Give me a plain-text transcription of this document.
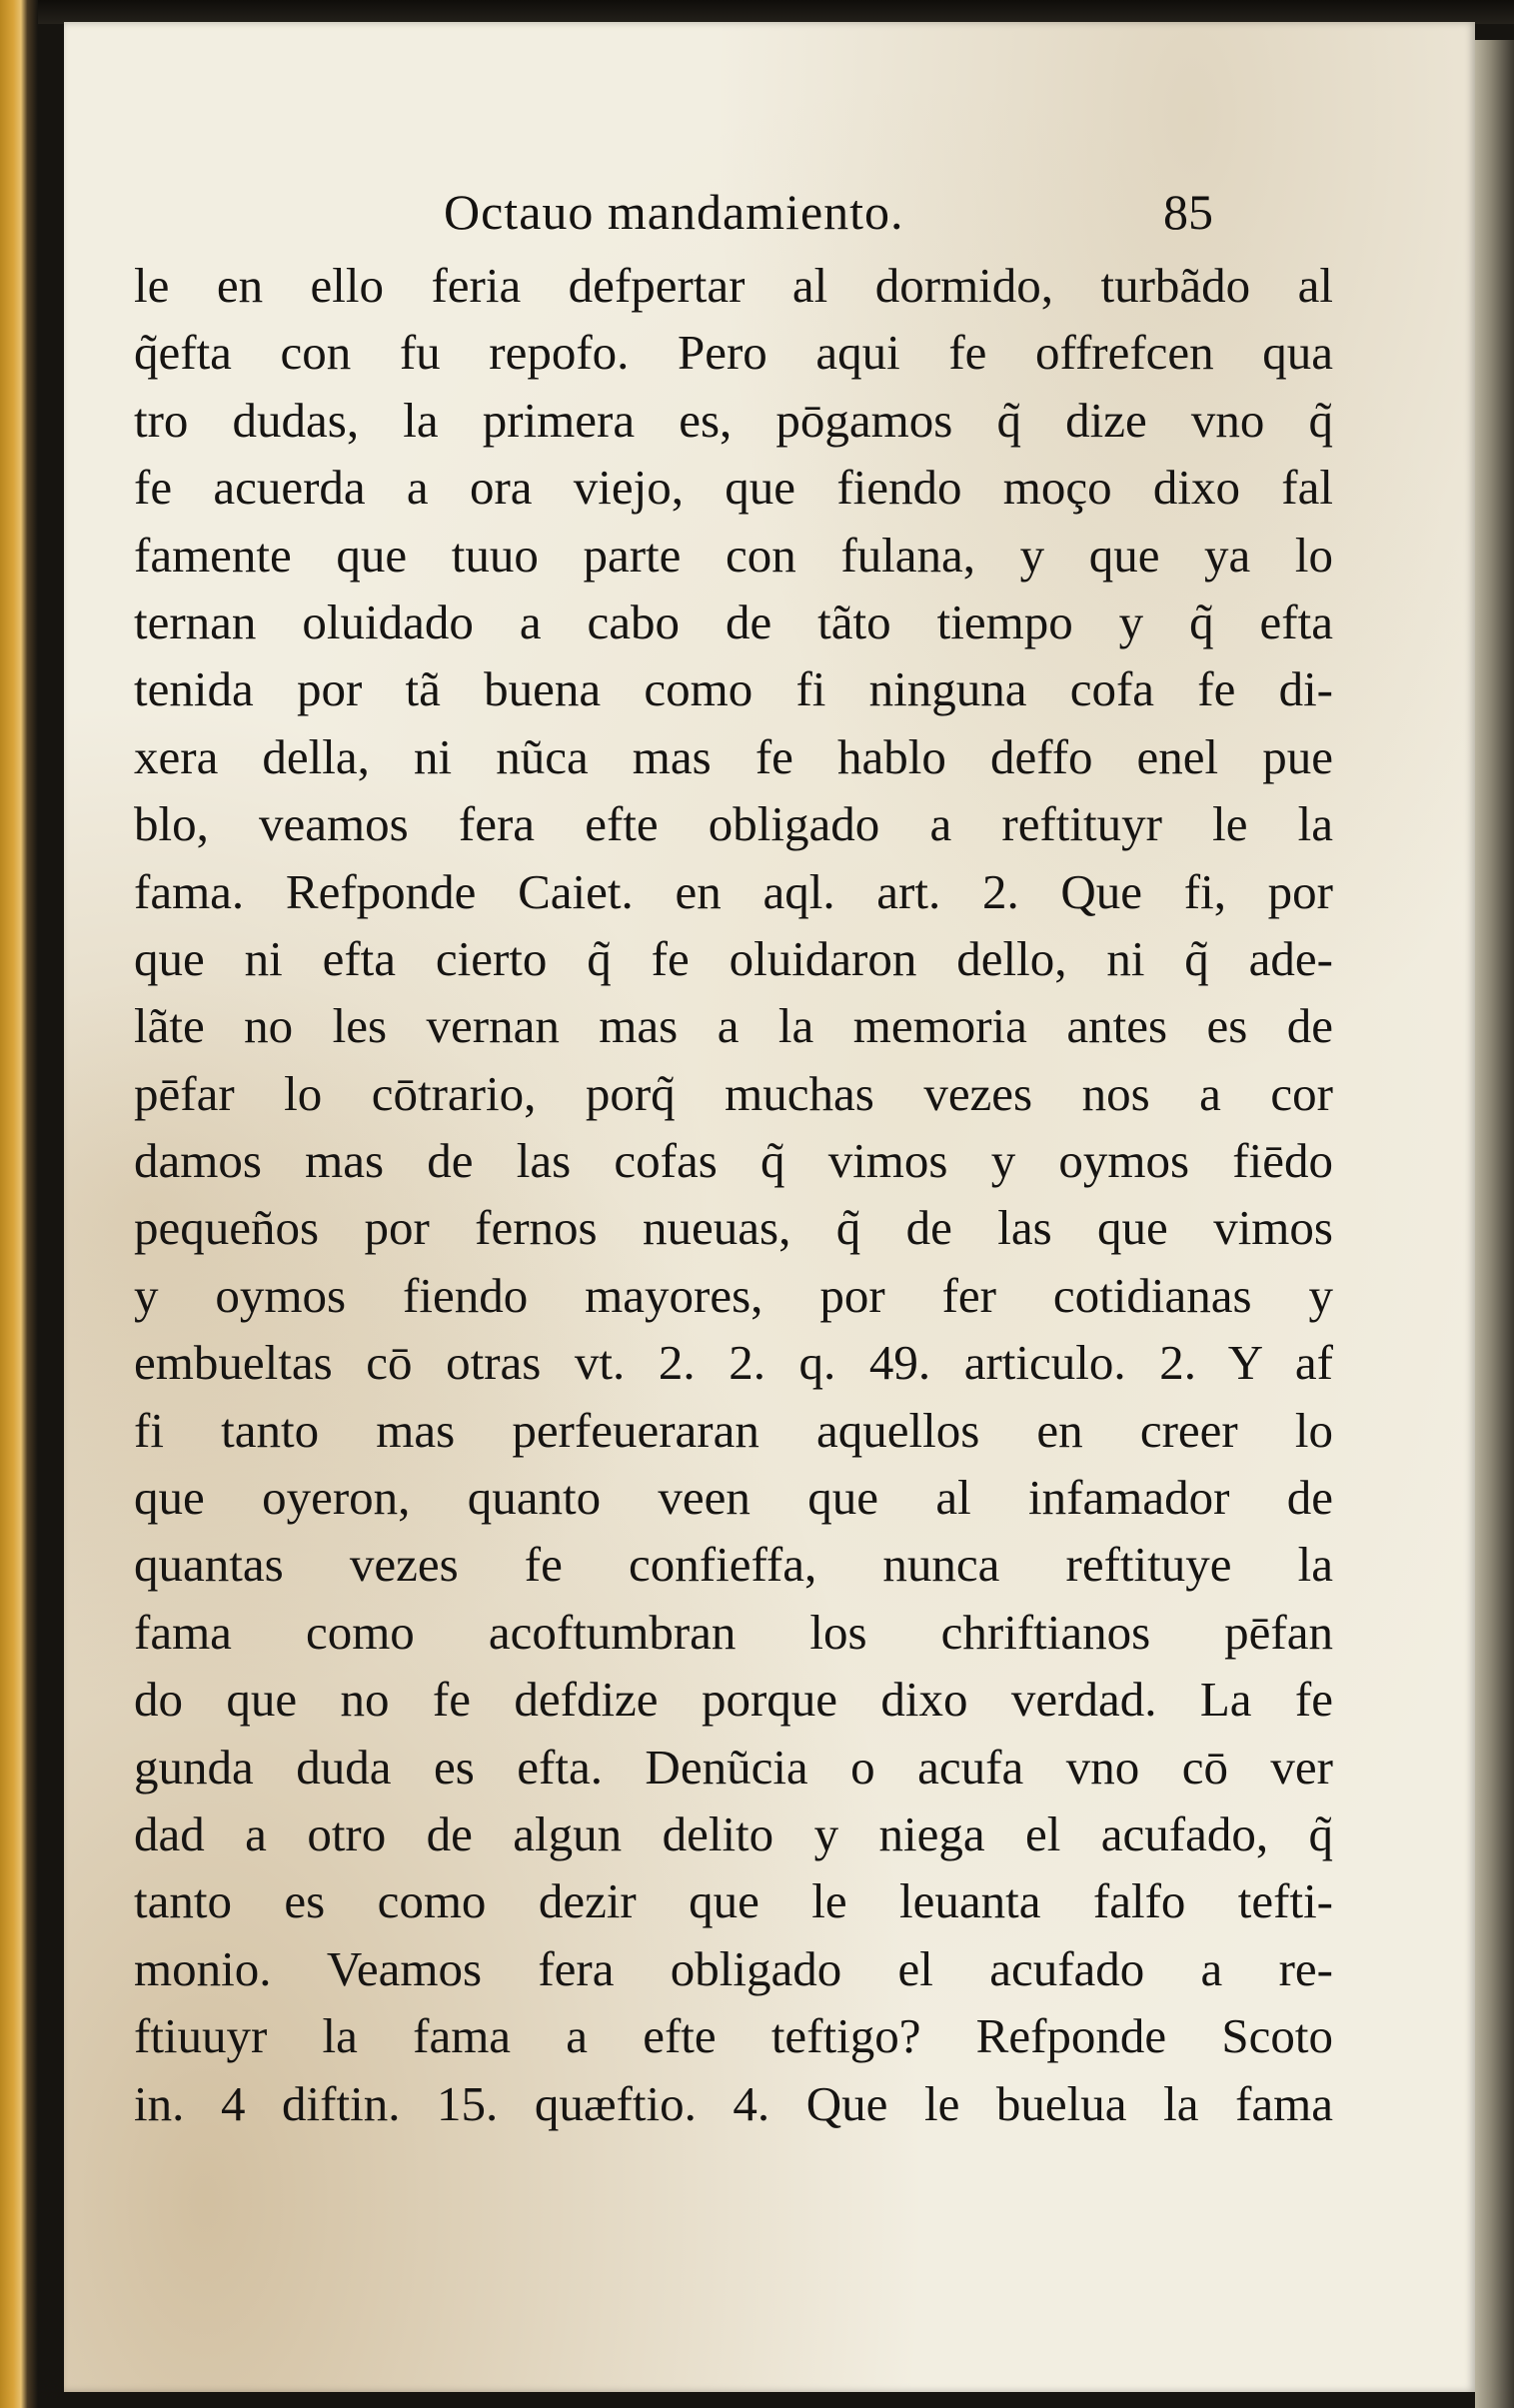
Octauo mandamiento.	85
le en ello feria defpertar al dormido, turbãdo al
q̃efta con fu repofo. Pero aqui fe offrefcen qua
tro dudas, la primera es, pōgamos q̃ dize vno q̃
fe acuerda a ora viejo, que fiendo moço dixo fal
famente que tuuo parte con fulana, y que ya lo
ternan oluidado a cabo de tãto tiempo y q̃ efta
tenida por tã buena como fi ninguna cofa fe di-
xera della, ni nũca mas fe hablo deffo enel pue
blo, veamos fera efte obligado a reftituyr le la
fama. Refponde Caiet. en aql. art. 2. Que fi, por
que ni efta cierto q̃ fe oluidaron dello, ni q̃ ade-
lãte no les vernan mas a la memoria antes es de
pēfar lo cōtrario, porq̃ muchas vezes nos a cor
damos mas de las cofas q̃ vimos y oymos fiēdo
pequeños por fernos nueuas, q̃ de las que vimos
y oymos fiendo mayores, por fer cotidianas y
embueltas cō otras vt. 2. 2. q. 49. articulo. 2. Y af
fi tanto mas perfeueraran aquellos en creer lo
que oyeron, quanto veen que al infamador de
quantas vezes fe confieffa, nunca reftituye la
fama como acoftumbran los chriftianos pēfan
do que no fe defdize porque dixo verdad. La fe
gunda duda es efta. Denũcia o acufa vno cō ver
dad a otro de algun delito y niega el acufado, q̃
tanto es como dezir que le leuanta falfo tefti-
monio. Veamos fera obligado el acufado a re-
ftiuuyr la fama a efte teftigo? Refponde Scoto
in. 4 diftin. 15. quæftio. 4. Que le buelua la fama
